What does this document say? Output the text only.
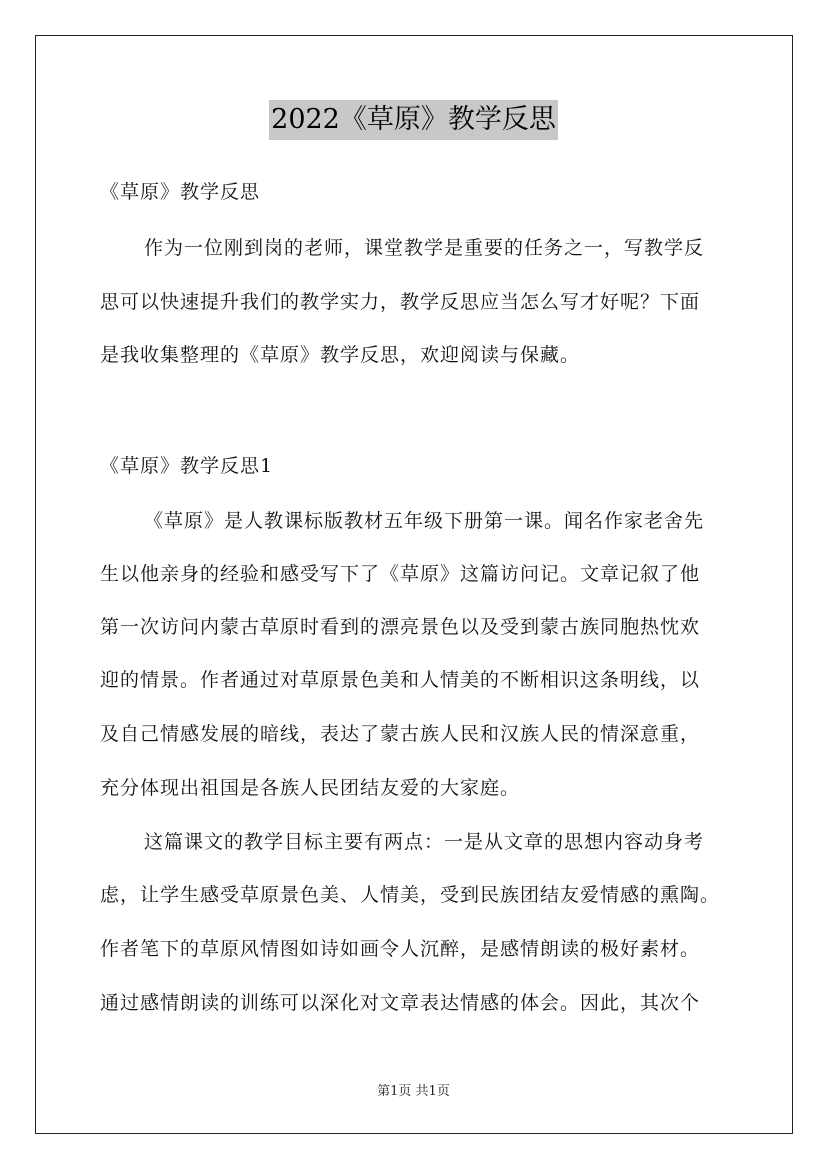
2022《草原》教学反思
《草原》教学反思
作为一位刚到岗的老师，课堂教学是重要的任务之一，写教学反
思可以快速提升我们的教学实力，教学反思应当怎么写才好呢？下面
是我收集整理的《草原》教学反思，欢迎阅读与保藏。
《草原》教学反思1
《草原》是人教课标版教材五年级下册第一课。闻名作家老舍先
生以他亲身的经验和感受写下了《草原》这篇访问记。文章记叙了他
第一次访问内蒙古草原时看到的漂亮景色以及受到蒙古族同胞热忱欢
迎的情景。作者通过对草原景色美和人情美的不断相识这条明线，以
及自己情感发展的暗线，表达了蒙古族人民和汉族人民的情深意重，
充分体现出祖国是各族人民团结友爱的大家庭。
这篇课文的教学目标主要有两点：一是从文章的思想内容动身考
虑，让学生感受草原景色美、人情美，受到民族团结友爱情感的熏陶。
作者笔下的草原风情图如诗如画令人沉醉，是感情朗读的极好素材。
通过感情朗读的训练可以深化对文章表达情感的体会。因此，其次个
第1页 共1页
